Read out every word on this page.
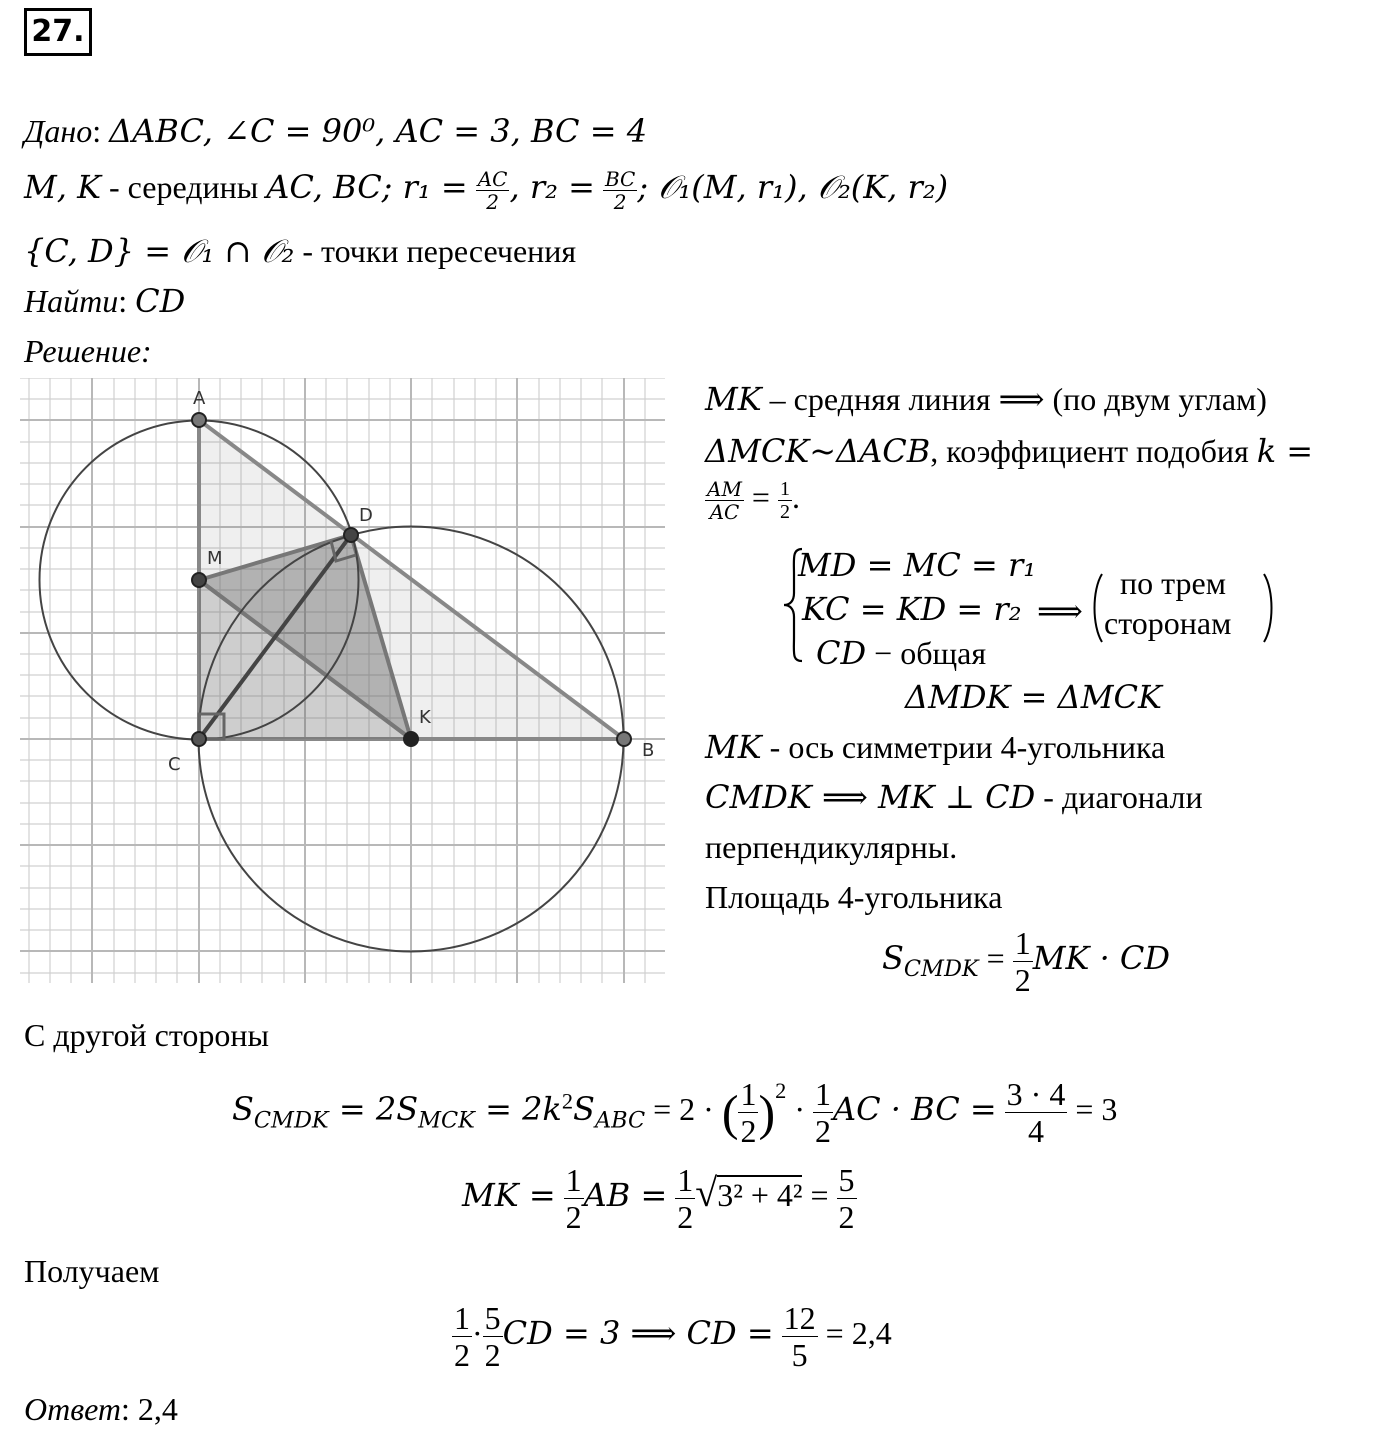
27.
Дано: ΔABC, ∠C = 90⁰, AC = 3, BC = 4
M, K - середины AC, BC; $r_1 = \frac{AC}{2}$ , $r_2 = \frac{BC}{2}$ ; 𝒪₁(M, r₁), 𝒪₂(K, r₂)
{C, D} = 𝒪₁ ∩ 𝒪₂ - точки пересечения
Найти: CD
Решение:
A
B
C
D
M
K
MK – средняя линия ⟹ (по двум углам)
ΔMCK~ΔACB, коэффициент подобия k =
$\frac{AM}{AC} = \frac{1}{2}$ .
MD = MC = r₁
KC = KD = r₂
CD − общая
⟹
по трем
сторонам
ΔMDK = ΔMCK
MK - ось симметрии 4-угольника
CMDK ⟹ MK ⊥ CD - диагонали
перпендикулярны.
Площадь 4-угольника
$S_{CMDK} = \frac{1}{2}$ MK · CD
С другой стороны
$S_{CMDK} = 2S_{MCK} = 2k^2S_{ABC} = 2$ · ( $\frac{1}{2} )^2 \cdot \frac{1}{2}$ AC · BC = $\frac{3 \cdot 4}{4} = 3$
MK = $\frac{1}{2}$ AB = $\frac{1}{2} √3^2 + 4^2 = \frac{5}{2}$
Получаем
$\frac{1}{2} \cdot \frac{5}{2}$ CD = 3 ⟹ CD = $\frac{12}{5} = 2,4$
Ответ: 2,4
